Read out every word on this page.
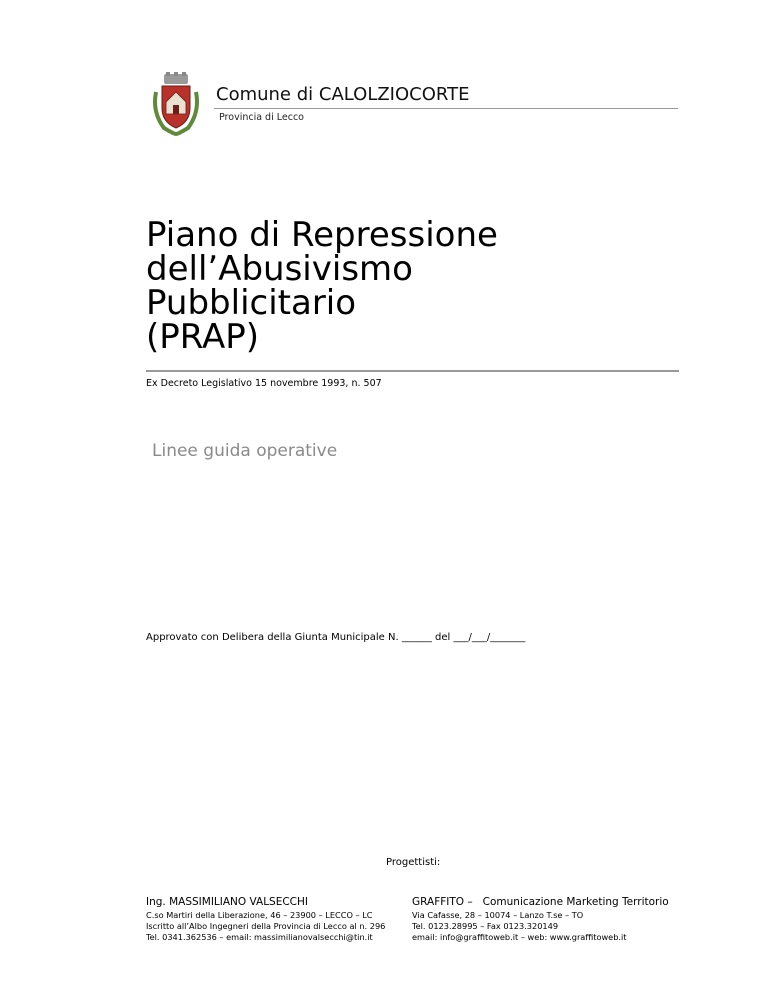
Comune di CALOLZIOCORTE
Provincia di Lecco
Piano di Repressione
dell’Abusivismo
Pubblicitario
(PRAP)
Ex Decreto Legislativo 15 novembre 1993, n. 507
Linee guida operative
Approvato con Delibera della Giunta Municipale N. ______ del ___/___/_______
Progettisti:
Ing. MASSIMILIANO VALSECCHI
C.so Martiri della Liberazione, 46 – 23900 – LECCO – LC
Iscritto all’Albo Ingegneri della Provincia di Lecco al n. 296
Tel. 0341.362536 – email: massimilianovalsecchi@tin.it
GRAFFITO –   Comunicazione Marketing Territorio
Via Cafasse, 28 – 10074 – Lanzo T.se – TO
Tel. 0123.28995 – Fax 0123.320149
email: info@graffitoweb.it – web: www.graffitoweb.it
